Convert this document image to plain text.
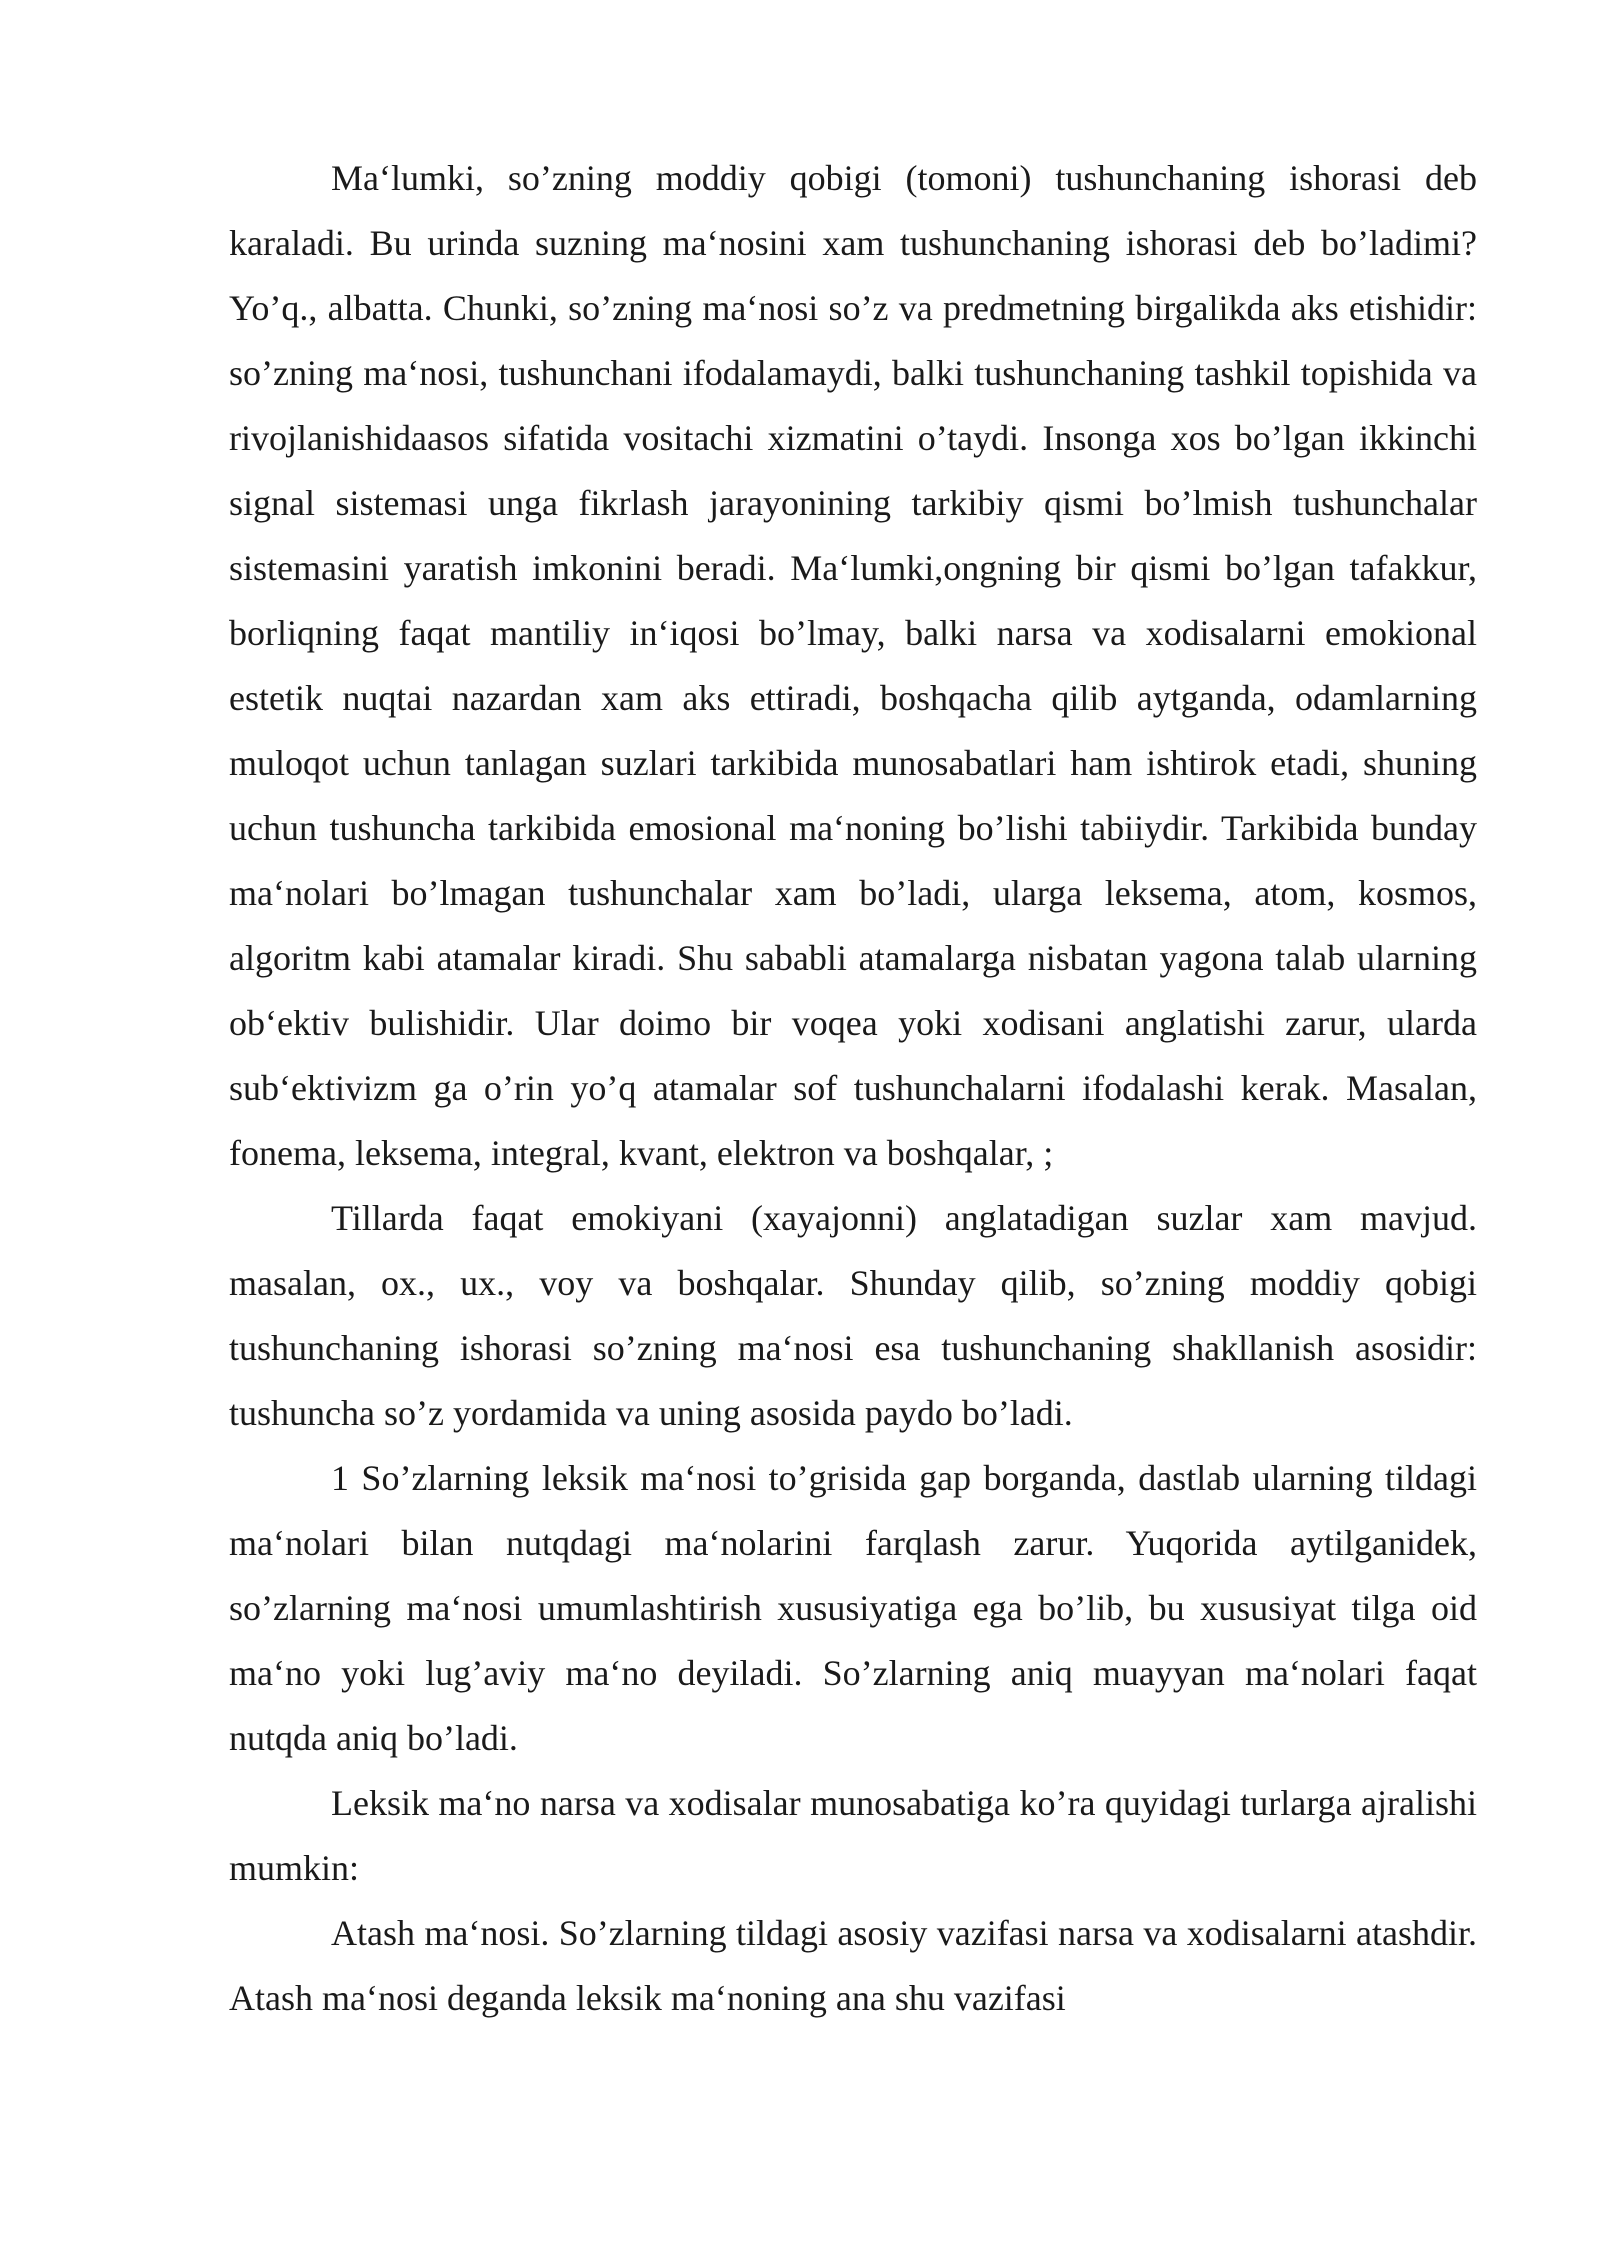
Ma‘lumki, so’zning moddiy qobigi (tomoni) tushunchaning ishorasi deb karaladi. Bu urinda suzning ma‘nosini xam tushunchaning ishorasi deb bo’ladimi? Yo’q., albatta. Chunki, so’zning ma‘nosi so’z va predmetning birgalikda aks etishidir: so’zning ma‘nosi, tushunchani ifodalamaydi, balki tushunchaning tashkil topishida va rivojlanishidaasos sifatida vositachi xizmatini o’taydi. Insonga xos bo’lgan ikkinchi signal sistemasi unga fikrlash jarayonining tarkibiy qismi bo’lmish tushunchalar sistemasini yaratish imkonini beradi. Ma‘lumki,ongning bir qismi bo’lgan tafakkur, borliqning faqat mantiliy in‘iqosi bo’lmay, balki narsa va xodisalarni emokional estetik nuqtai nazardan xam aks ettiradi, boshqacha qilib aytganda, odamlarning muloqot uchun tanlagan suzlari tarkibida munosabatlari ham ishtirok etadi, shuning uchun tushuncha tarkibida emosional ma‘noning bo’lishi tabiiydir. Tarkibida bunday ma‘nolari bo’lmagan tushunchalar xam bo’ladi, ularga leksema, atom, kosmos, algoritm kabi atamalar kiradi. Shu sababli atamalarga nisbatan yagona talab ularning ob‘ektiv bulishidir. Ular doimo bir voqea yoki xodisani anglatishi zarur, ularda sub‘ektivizm ga o’rin yo’q atamalar sof tushunchalarni ifodalashi kerak. Masalan, fonema, leksema, integral, kvant, elektron va boshqalar, ;

Tillarda faqat emokiyani (xayajonni) anglatadigan suzlar xam mavjud. masalan, ox., ux., voy va boshqalar. Shunday qilib, so’zning moddiy qobigi tushunchaning ishorasi so’zning ma‘nosi esa tushunchaning shakllanish asosidir: tushuncha so’z yordamida va uning asosida paydo bo’ladi.

1 So’zlarning leksik ma‘nosi to’grisida gap borganda, dastlab ularning tildagi ma‘nolari bilan nutqdagi ma‘nolarini farqlash zarur. Yuqorida aytilganidek, so’zlarning ma‘nosi umumlashtirish xususiyatiga ega bo’lib, bu xususiyat tilga oid ma‘no yoki lug’aviy ma‘no deyiladi. So’zlarning aniq muayyan ma‘nolari faqat nutqda aniq bo’ladi.

Leksik ma‘no narsa va xodisalar munosabatiga ko’ra quyidagi turlarga ajralishi mumkin:

Atash ma‘nosi. So’zlarning tildagi asosiy vazifasi narsa va xodisalarni atashdir. Atash ma‘nosi deganda leksik ma‘noning ana shu vazifasi
